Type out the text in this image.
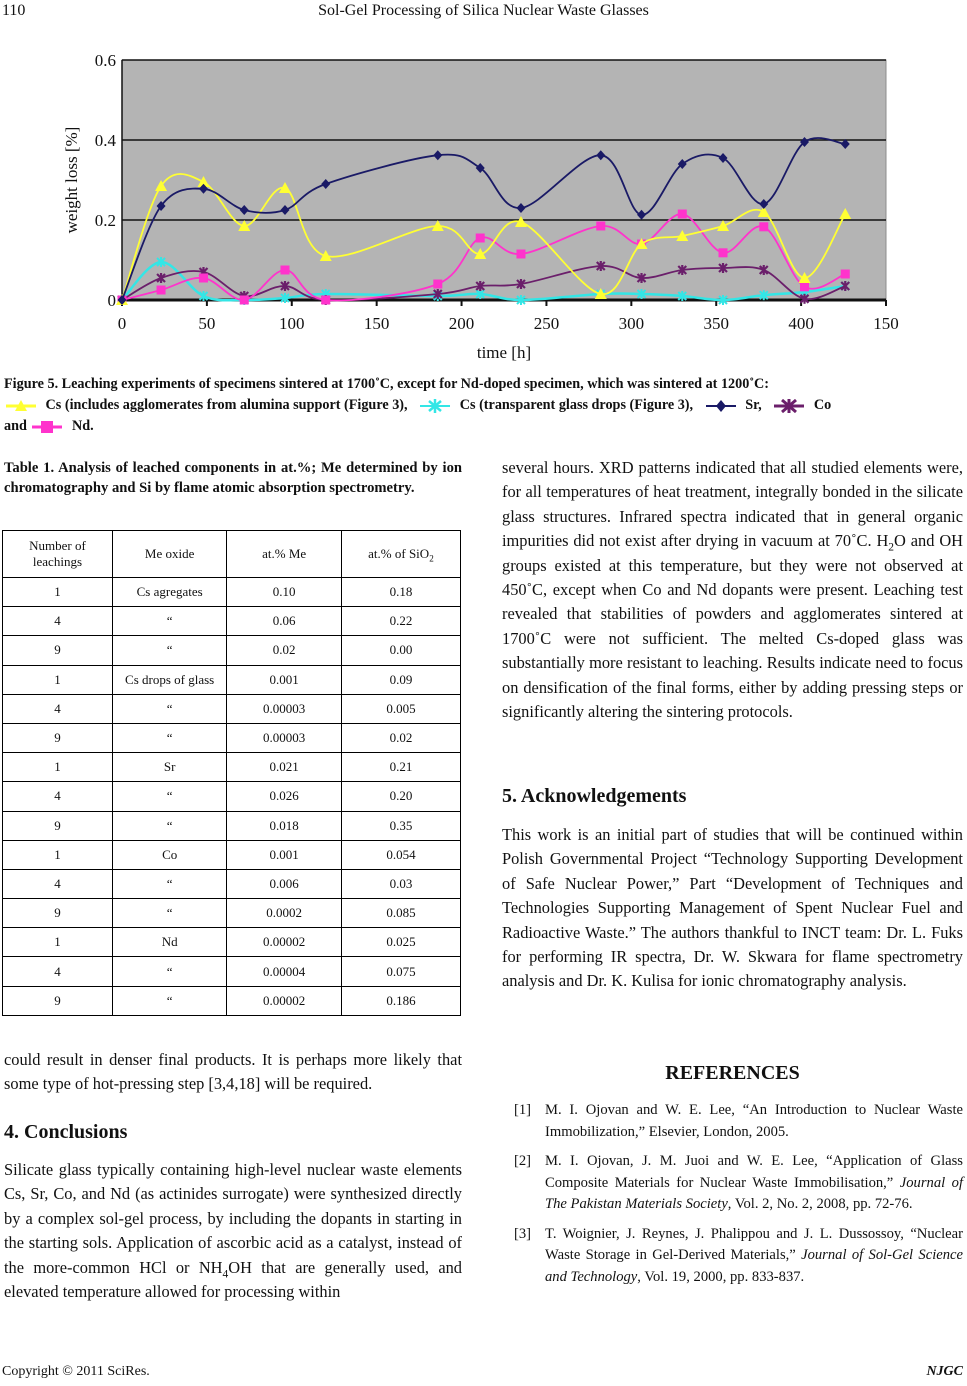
110	Sol-Gel Processing of Silica Nuclear Waste Glasses
0
0.2
0.4
0.6
0	50	100	150	200	250	300	350	400	150
time [h]
weight loss [%]
Figure 5. Leaching experiments of specimens sintered at 1700˚C, except for Nd-doped specimen, which was sintered at 1200˚C:

Cs (includes agglomerates from alumina support (Figure 3),	Cs (transparent glass drops (Figure 3),	Sr,	Co
and	Nd.
Table 1. Analysis of leached components in at.%; Me determined by ion chromatography and Si by flame atomic absorption spectrometry.
Number of leachings	Me oxide	at.% Me	at.% of SiO$_2$
1	Cs agregates	0.10	0.18
4	“	0.06	0.22
9	“	0.02	0.00
1	Cs drops of glass	0.001	0.09
4	“	0.00003	0.005
9	“	0.00003	0.02
1	Sr	0.021	0.21
4	“	0.026	0.20
9	“	0.018	0.35
1	Co	0.001	0.054
4	“	0.006	0.03
9	“	0.0002	0.085
1	Nd	0.00002	0.025
4	“	0.00004	0.075
9	“	0.00002	0.186
could result in denser final products. It is perhaps more likely that some type of hot-pressing step [3,4,18] will be required.
4. Conclusions
Silicate glass typically containing high-level nuclear waste elements Cs, Sr, Co, and Nd (as actinides surrogate) were synthesized directly by a complex sol-gel process, by including the dopants in starting in the starting sols. Application of ascorbic acid as a catalyst, instead of the more-common HCl or $NH_4OH$ that are generally used, and elevated temperature allowed for processing within
several hours. XRD patterns indicated that all studied elements were, for all temperatures of heat treatment, integrally bonded in the silicate glass structures. Infrared spectra indicated that in general organic impurities did not exist after drying in vacuum at 70˚C. $H_2O$ and OH groups existed at this temperature, but they were not observed at 450˚C, except when Co and Nd dopants were present. Leaching test revealed that stabilities of powders and agglomerates sintered at 1700˚C were not sufficient. The melted Cs-doped glass was substantially more resistant to leaching. Results indicate need to focus on densification of the final forms, either by adding pressing steps or significantly altering the sintering protocols.
5. Acknowledgements
This work is an initial part of studies that will be continued within Polish Governmental Project “Technology Supporting Development of Safe Nuclear Power,” Part “Development of Techniques and Technologies Supporting Management of Spent Nuclear Fuel and Radioactive Waste.” The authors thankful to INCT team: Dr. L. Fuks for performing IR spectra, Dr. W. Skwara for flame spectrometry analysis and Dr. K. Kulisa for ionic chromatography analysis.
REFERENCES
[1] M. I. Ojovan and W. E. Lee, “An Introduction to Nuclear Waste Immobilization,” Elsevier, London, 2005.
[2] M. I. Ojovan, J. M. Juoi and W. E. Lee, “Application of Glass Composite Materials for Nuclear Waste Immobilisation,” Journal of The Pakistan Materials Society, Vol. 2, No. 2, 2008, pp. 72-76.
[3] T. Woignier, J. Reynes, J. Phalippou and J. L. Dussossoy, “Nuclear Waste Storage in Gel-Derived Materials,” Journal of Sol-Gel Science and Technology, Vol. 19, 2000, pp. 833-837.
Copyright © 2011 SciRes.	NJGC
